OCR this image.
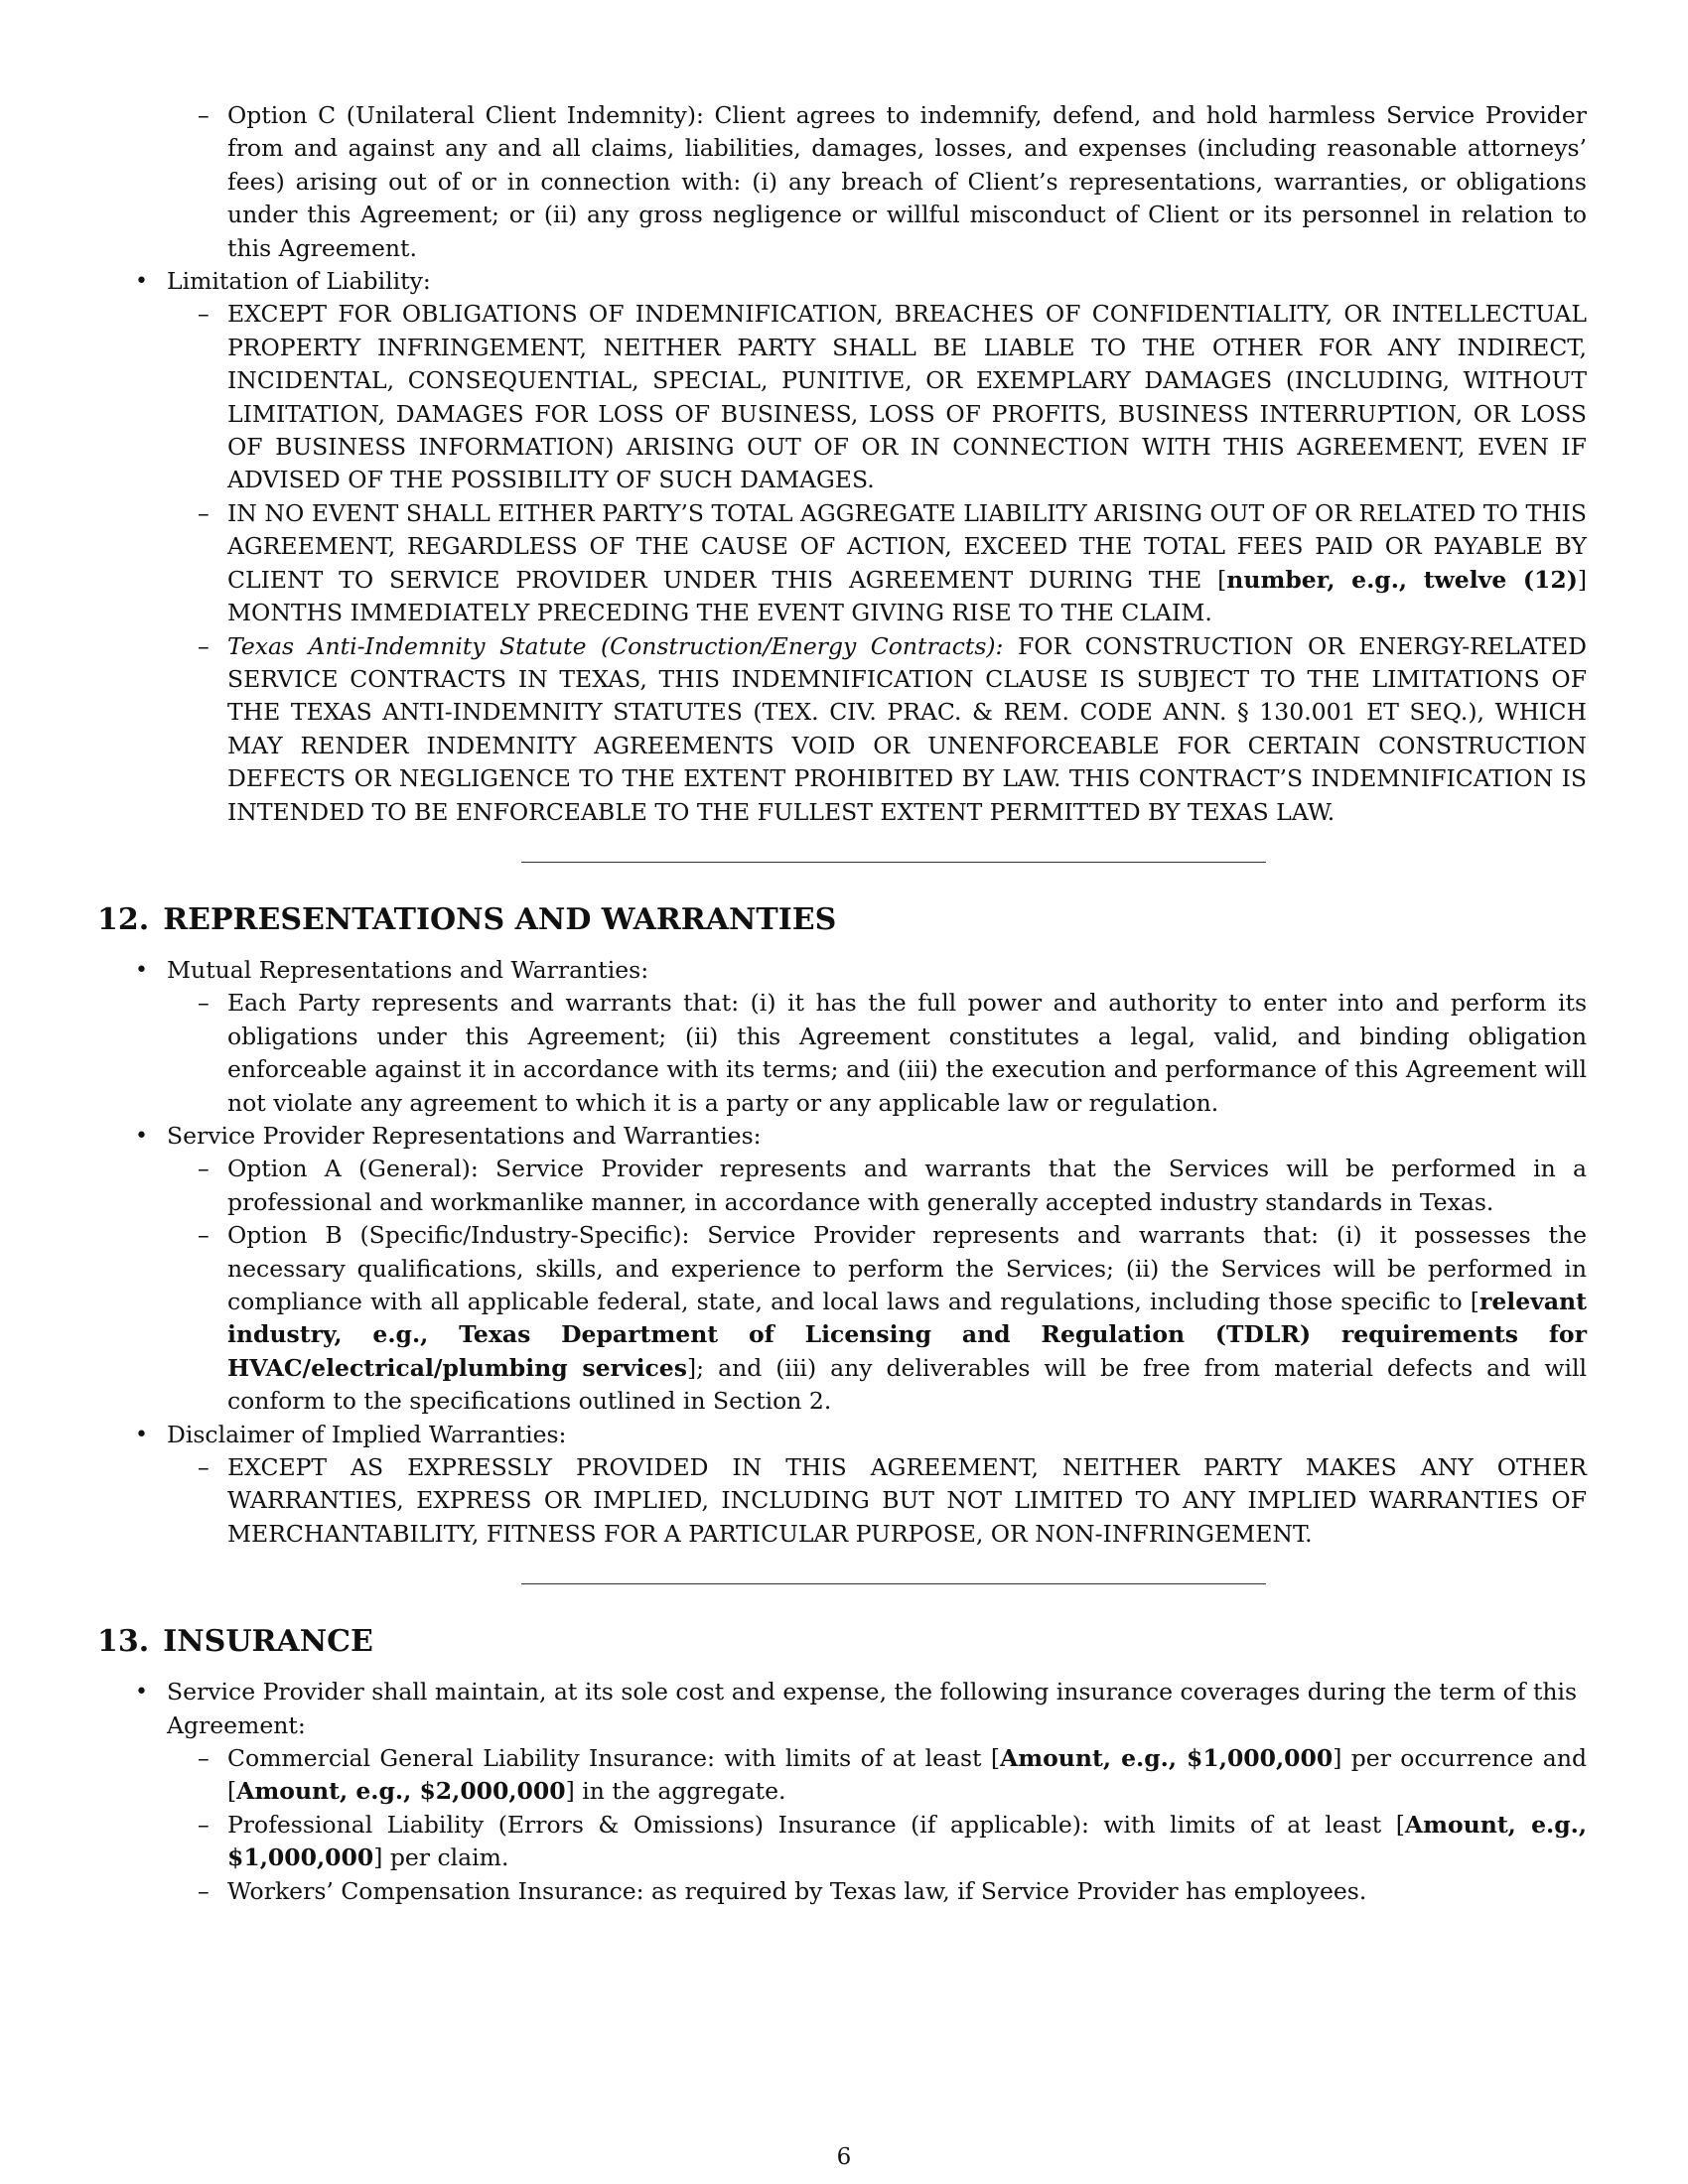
– Option C (Unilateral Client Indemnity): Client agrees to indemnify, defend, and hold harmless Service Provider from and against any and all claims, liabilities, damages, losses, and expenses (including reasonable attorneys’ fees) arising out of or in connection with: (i) any breach of Client’s representations, warranties, or obligations under this Agreement; or (ii) any gross negligence or willful misconduct of Client or its personnel in relation to this Agreement.
• Limitation of Liability:
– EXCEPT FOR OBLIGATIONS OF INDEMNIFICATION, BREACHES OF CONFIDENTIALITY, OR INTELLECTUAL PROPERTY INFRINGEMENT, NEITHER PARTY SHALL BE LIABLE TO THE OTHER FOR ANY INDIRECT, INCIDENTAL, CONSEQUENTIAL, SPECIAL, PUNITIVE, OR EXEMPLARY DAMAGES (INCLUDING, WITHOUT LIMITATION, DAMAGES FOR LOSS OF BUSINESS, LOSS OF PROFITS, BUSINESS INTERRUPTION, OR LOSS OF BUSINESS INFORMATION) ARISING OUT OF OR IN CONNECTION WITH THIS AGREEMENT, EVEN IF ADVISED OF THE POSSIBILITY OF SUCH DAMAGES.
– IN NO EVENT SHALL EITHER PARTY’S TOTAL AGGREGATE LIABILITY ARISING OUT OF OR RELATED TO THIS AGREEMENT, REGARDLESS OF THE CAUSE OF ACTION, EXCEED THE TOTAL FEES PAID OR PAYABLE BY CLIENT TO SERVICE PROVIDER UNDER THIS AGREEMENT DURING THE [number, e.g., twelve (12)] MONTHS IMMEDIATELY PRECEDING THE EVENT GIVING RISE TO THE CLAIM.
– Texas Anti-Indemnity Statute (Construction/Energy Contracts): FOR CONSTRUCTION OR ENERGY-RELATED SERVICE CONTRACTS IN TEXAS, THIS INDEMNIFICATION CLAUSE IS SUBJECT TO THE LIMITATIONS OF THE TEXAS ANTI-INDEMNITY STATUTES (TEX. CIV. PRAC. & REM. CODE ANN. § 130.001 ET SEQ.), WHICH MAY RENDER INDEMNITY AGREEMENTS VOID OR UNENFORCEABLE FOR CERTAIN CONSTRUCTION DEFECTS OR NEGLIGENCE TO THE EXTENT PROHIBITED BY LAW. THIS CONTRACT’S INDEMNIFICATION IS INTENDED TO BE ENFORCEABLE TO THE FULLEST EXTENT PERMITTED BY TEXAS LAW.
12. REPRESENTATIONS AND WARRANTIES
• Mutual Representations and Warranties:
– Each Party represents and warrants that: (i) it has the full power and authority to enter into and perform its obligations under this Agreement; (ii) this Agreement constitutes a legal, valid, and binding obligation enforceable against it in accordance with its terms; and (iii) the execution and performance of this Agreement will not violate any agreement to which it is a party or any applicable law or regulation.
• Service Provider Representations and Warranties:
– Option A (General): Service Provider represents and warrants that the Services will be performed in a professional and workmanlike manner, in accordance with generally accepted industry standards in Texas.
– Option B (Specific/Industry-Specific): Service Provider represents and warrants that: (i) it possesses the necessary qualifications, skills, and experience to perform the Services; (ii) the Services will be performed in compliance with all applicable federal, state, and local laws and regulations, including those specific to [relevant industry, e.g., Texas Department of Licensing and Regulation (TDLR) requirements for HVAC/electrical/plumbing services]; and (iii) any deliverables will be free from material defects and will conform to the specifications outlined in Section 2.
• Disclaimer of Implied Warranties:
– EXCEPT AS EXPRESSLY PROVIDED IN THIS AGREEMENT, NEITHER PARTY MAKES ANY OTHER WARRANTIES, EXPRESS OR IMPLIED, INCLUDING BUT NOT LIMITED TO ANY IMPLIED WARRANTIES OF MERCHANTABILITY, FITNESS FOR A PARTICULAR PURPOSE, OR NON-INFRINGEMENT.
13. INSURANCE
• Service Provider shall maintain, at its sole cost and expense, the following insurance coverages during the term of this Agreement:
– Commercial General Liability Insurance: with limits of at least [Amount, e.g., $1,000,000] per occurrence and [Amount, e.g., $2,000,000] in the aggregate.
– Professional Liability (Errors & Omissions) Insurance (if applicable): with limits of at least [Amount, e.g., $1,000,000] per claim.
– Workers’ Compensation Insurance: as required by Texas law, if Service Provider has employees.
6
